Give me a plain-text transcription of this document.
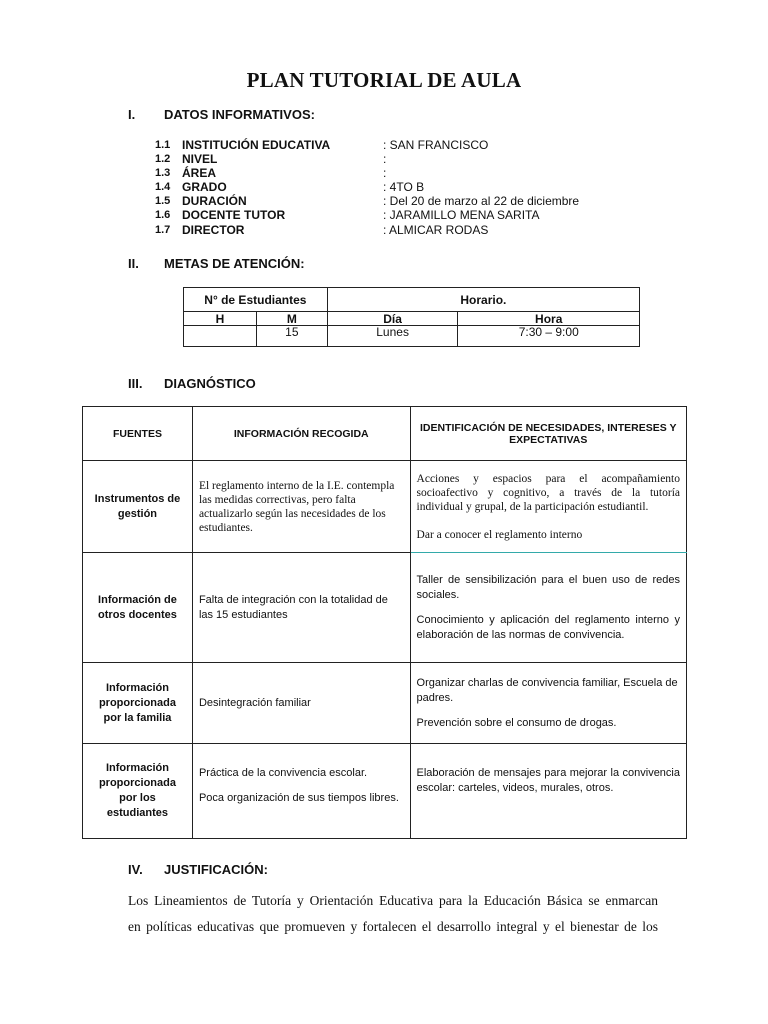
PLAN TUTORIAL DE AULA
I. DATOS INFORMATIVOS:
1.1 INSTITUCIÓN EDUCATIVA	: SAN FRANCISCO
1.2 NIVEL	:
1.3 ÁREA	:
1.4 GRADO	: 4TO B
1.5 DURACIÓN	: Del 20 de marzo al 22 de diciembre
1.6 DOCENTE TUTOR	: JARAMILLO MENA SARITA
1.7 DIRECTOR	: ALMICAR RODAS
II. METAS DE ATENCIÓN:
N° de Estudiantes		Horario.	
H	M	Día	Hora
	15	Lunes	7:30 – 9:00
III. DIAGNÓSTICO
FUENTES	INFORMACIÓN RECOGIDA	IDENTIFICACIÓN DE NECESIDADES, INTERESES Y EXPECTATIVAS
Instrumentos de gestión	El reglamento interno de la I.E. contempla las medidas correctivas, pero falta actualizarlo según las necesidades de los estudiantes.	Acciones y espacios para el acompañamiento socioafectivo y cognitivo, a través de la tutoría individual y grupal, de la participación estudiantil.

Dar a conocer el reglamento interno

Información de otros docentes	Falta de integración con la totalidad de las 15 estudiantes	Taller de sensibilización para el buen uso de redes sociales.

Conocimiento y aplicación del reglamento interno y elaboración de las normas de convivencia.

Información proporcionada por la familia	Desintegración familiar	Organizar charlas de convivencia familiar, Escuela de padres.

Prevención sobre el consumo de drogas.

Información proporcionada por los estudiantes	Práctica de la convivencia escolar.

Poca organización de sus tiempos libres.	Elaboración de mensajes para mejorar la convivencia escolar: carteles, videos, murales, otros.

IV. JUSTIFICACIÓN:
Los Lineamientos de Tutoría y Orientación Educativa para la Educación Básica se enmarcan
en políticas educativas que promueven y fortalecen el desarrollo integral y el bienestar de los
